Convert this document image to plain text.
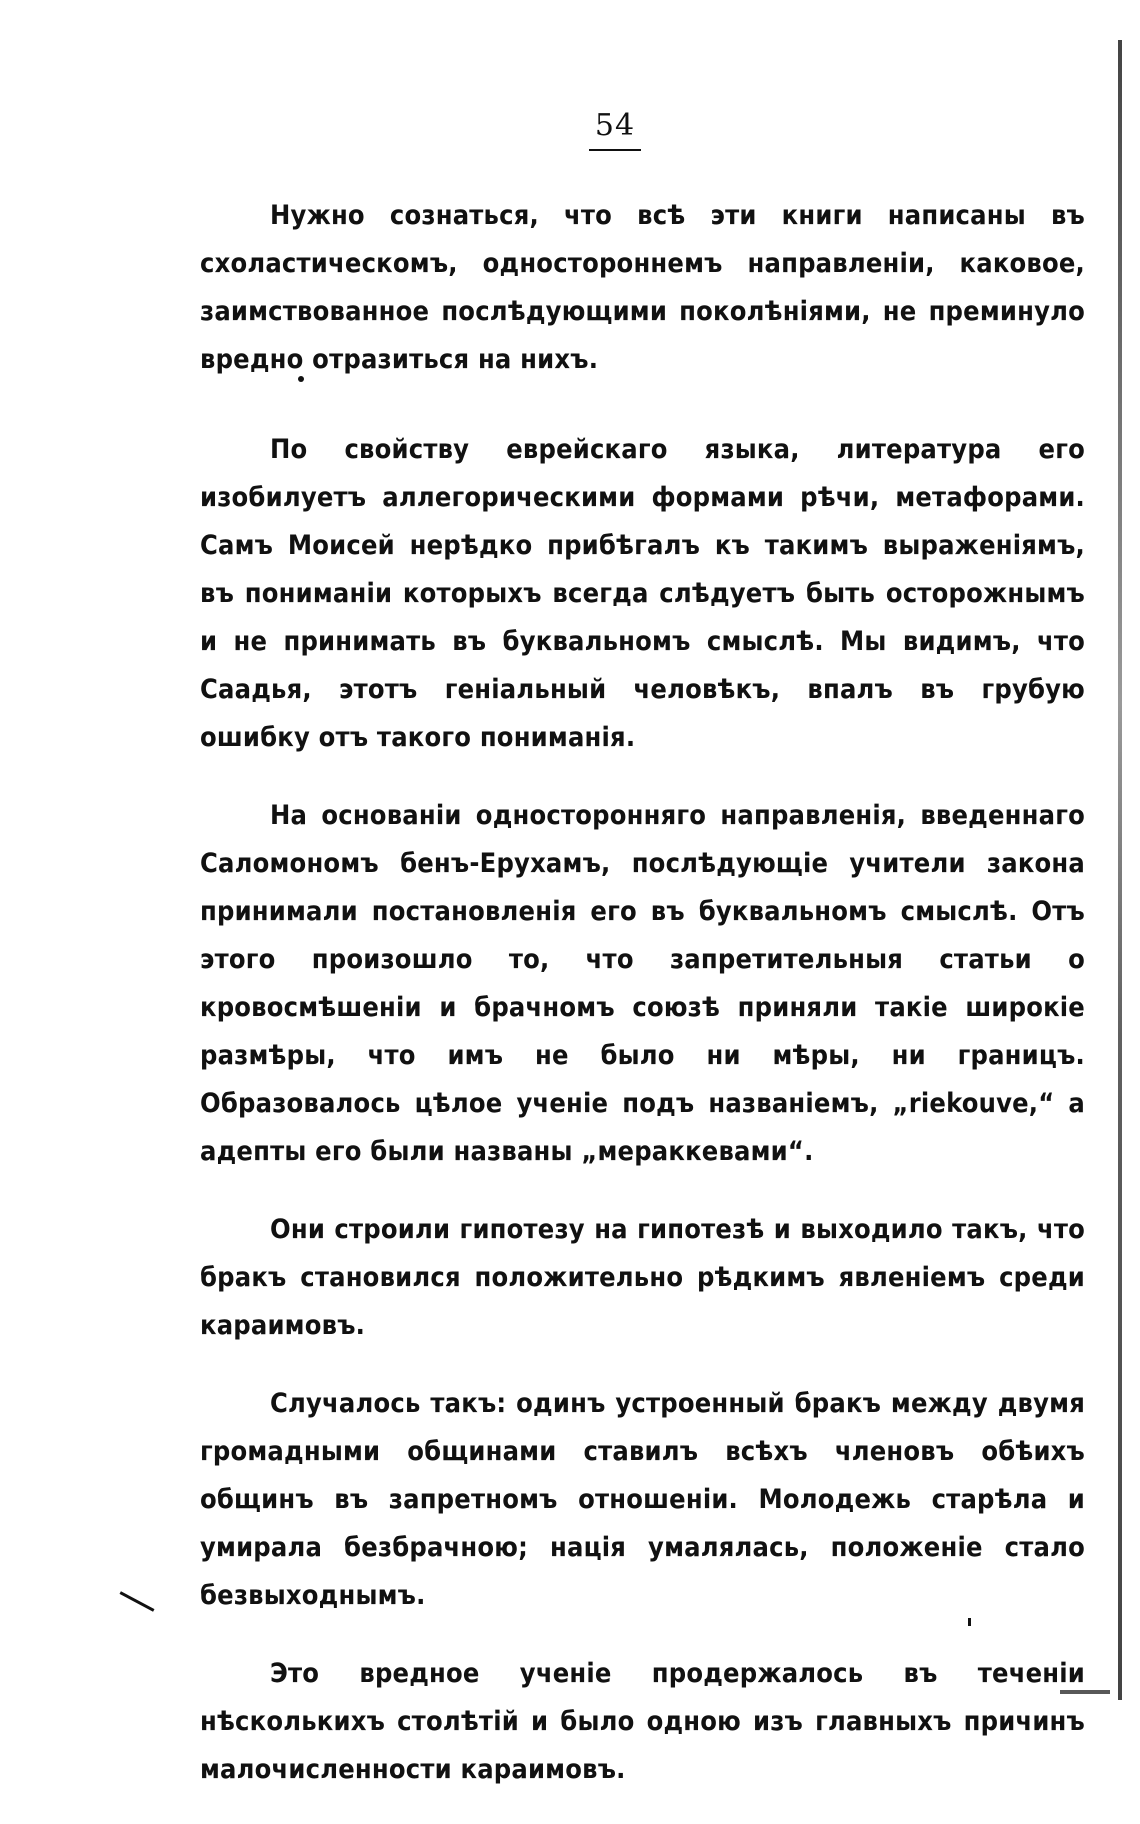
54

Нужно сознаться, что всѣ эти книги написаны въ схоластическомъ, одностороннемъ направленіи, каковое, заимствованное послѣдующими поколѣніями, не преминуло вредно отразиться на нихъ.

По свойству еврейскаго языка, литература его изобилуетъ аллегорическими формами рѣчи, метафорами. Самъ Моисей нерѣдко прибѣгалъ къ такимъ выраженіямъ, въ пониманіи которыхъ всегда слѣдуетъ быть осторожнымъ и не принимать въ буквальномъ смыслѣ. Мы видимъ, что Саадья, этотъ геніальный человѣкъ, впалъ въ грубую ошибку отъ такого пониманія.

На основаніи односторонняго направленія, введеннаго Саломономъ бенъ-Ерухамъ, послѣдующіе учители закона принимали постановленія его въ буквальномъ смыслѣ. Отъ этого произошло то, что запретительныя статьи о кровосмѣшеніи и брачномъ союзѣ приняли такіе широкіе размѣры, что имъ не было ни мѣры, ни границъ. Образовалось цѣлое ученіе подъ названіемъ, „riekouve,“ а адепты его были названы „мераккевами“.

Они строили гипотезу на гипотезѣ и выходило такъ, что бракъ становился положительно рѣдкимъ явленіемъ среди караимовъ.

Случалось такъ: одинъ устроенный бракъ между двумя громадными общинами ставилъ всѣхъ членовъ обѣихъ общинъ въ запретномъ отношеніи. Молодежь старѣла и умирала безбрачною; нація умалялась, положеніе стало безвыходнымъ.

Это вредное ученіе продержалось въ теченіи нѣсколькихъ столѣтій и было одною изъ главныхъ причинъ малочисленности караимовъ.
